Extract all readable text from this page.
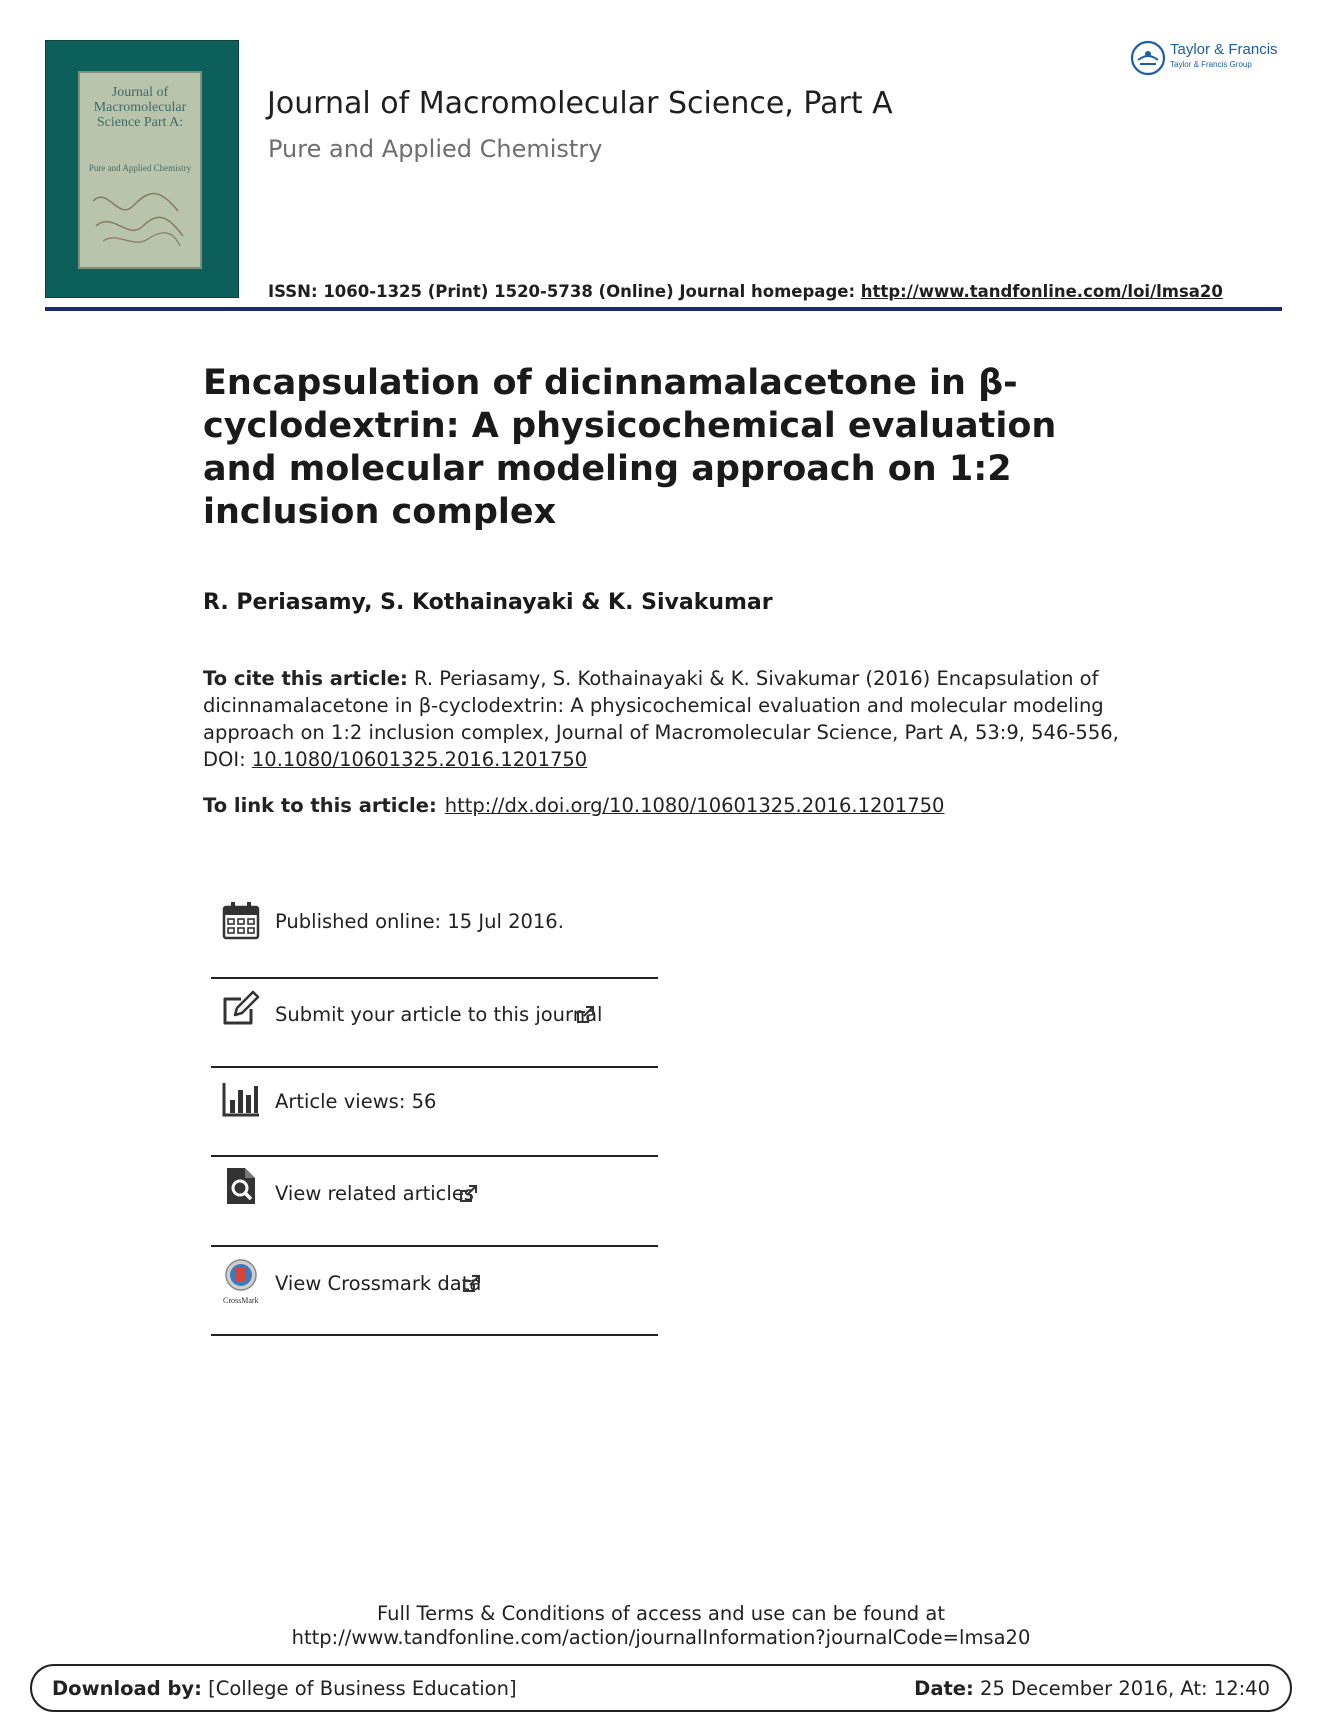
Journal of Macromolecular Science Part A:
Pure and Applied Chemistry
Taylor & Francis
Taylor & Francis Group
Journal of Macromolecular Science, Part A
Pure and Applied Chemistry
ISSN: 1060-1325 (Print) 1520-5738 (Online) Journal homepage: http://www.tandfonline.com/loi/lmsa20
Encapsulation of dicinnamalacetone in β-cyclodextrin: A physicochemical evaluation and molecular modeling approach on 1:2 inclusion complex
R. Periasamy, S. Kothainayaki & K. Sivakumar
To cite this article: R. Periasamy, S. Kothainayaki & K. Sivakumar (2016) Encapsulation of dicinnamalacetone in β-cyclodextrin: A physicochemical evaluation and molecular modeling approach on 1:2 inclusion complex, Journal of Macromolecular Science, Part A, 53:9, 546-556, DOI: 10.1080/10601325.2016.1201750
To link to this article: http://dx.doi.org/10.1080/10601325.2016.1201750
Published online: 15 Jul 2016.
Submit your article to this journal
Article views: 56
View related articles
CrossMark
View Crossmark data
Full Terms & Conditions of access and use can be found at
http://www.tandfonline.com/action/journalInformation?journalCode=lmsa20
Download by: [College of Business Education]	Date: 25 December 2016, At: 12:40
